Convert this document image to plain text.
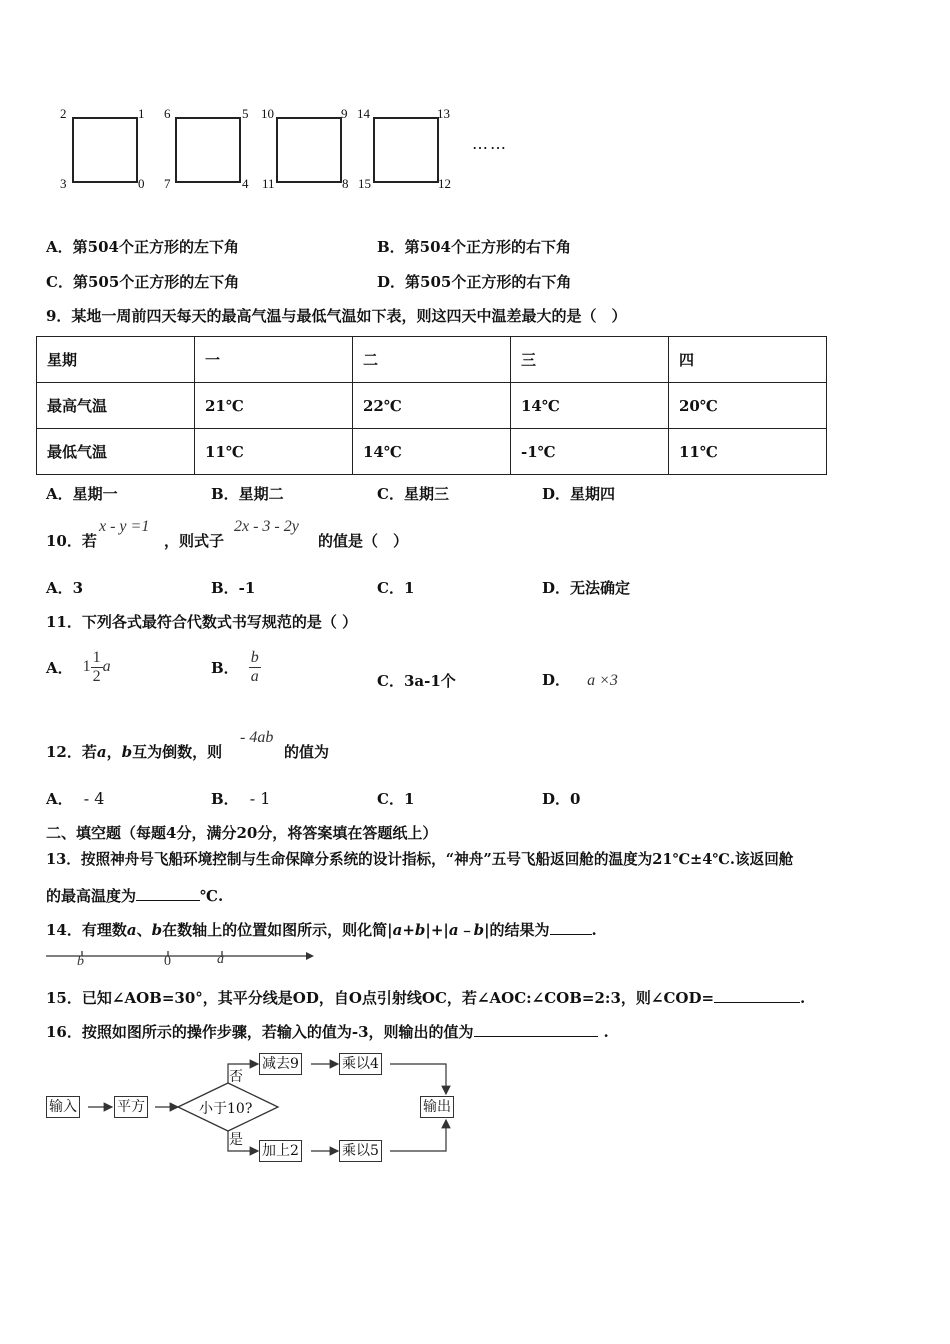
2	1
3	0
6	5
7	4
10	9
11	8
14	13
15	12
……
A．第504个正方形的左下角	B．第504个正方形的右下角
C．第505个正方形的左下角	D．第505个正方形的右下角
9．某地一周前四天每天的最高气温与最低气温如下表，则这四天中温差最大的是（　）
星期	一	二	三	四
最高气温	21℃	22℃	14℃	20℃
最低气温	11℃	14℃	-1℃	11℃
A．星期一	B．星期二	C．星期三	D．星期四
10．若
x - y =1
，则式子
2x - 3 - 2y
的值是（　）
A．3	B．-1	C．1	D．无法确定
11．下列各式最符合代数式书写规范的是（ ）
A． $1 \frac{1}{2}$ a	B． $\frac{b}{a}$	C．3a-1个	D． a ×3
12．若a，b互为倒数，则
- 4ab
的值为
A． - 4	B． - 1	C．1	D．0
二、填空题（每题4分，满分20分，将答案填在答题纸上）
13．按照神舟号飞船环境控制与生命保障分系统的设计指标，“神舟”五号飞船返回舱的温度为21℃±4℃.该返回舱
的最高温度为	℃.
14．有理数a、b在数轴上的位置如图所示，则化简|a+b|+|a﹣b|的结果为	.
b	0	a
15．已知∠AOB=30°，其平分线是OD，自O点引射线OC，若∠AOC:∠COB=2:3，则∠COD=	.
16．按照如图所示的操作步骤，若输入的值为-3，则输出的值为	.
输入	平方	小于10?
否
是
减去9	乘以4
加上2	乘以5
输出
